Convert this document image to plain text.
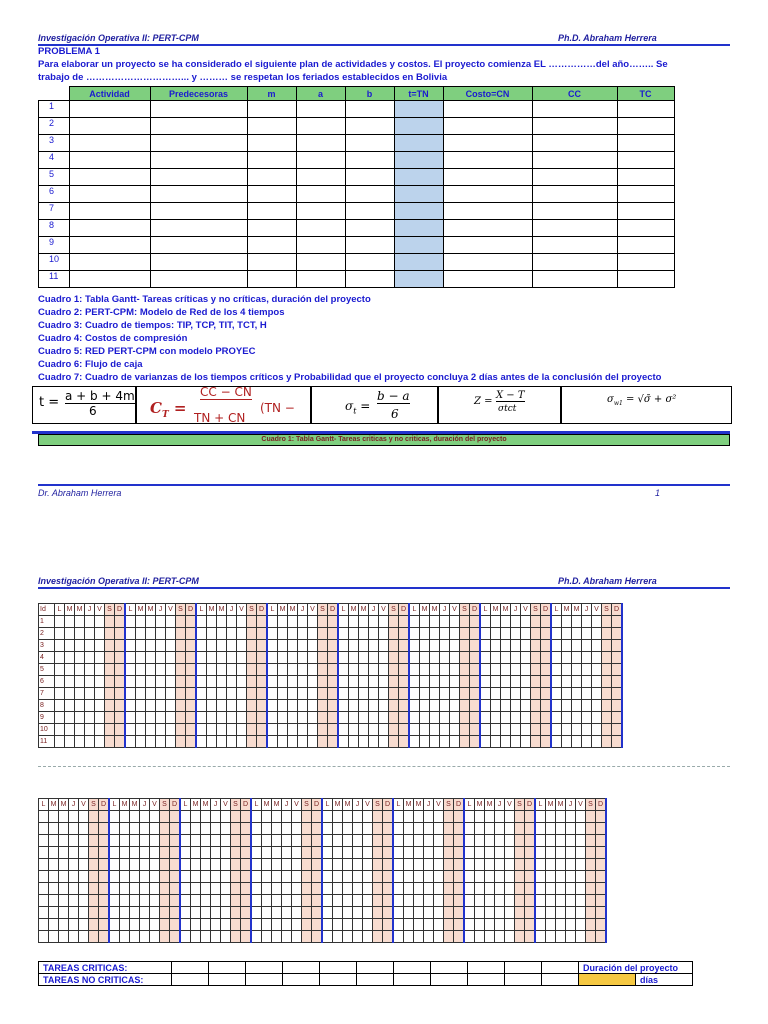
Investigación Operativa II: PERT-CPM	Ph.D. Abraham Herrera
PROBLEMA 1
Para elaborar un proyecto se ha considerado el siguiente plan de actividades y costos. El proyecto comienza EL ……………del año…….. Se
trabajo de …………………………... y ……… se respetan los feriados establecidos en Bolivia
	Actividad	Predecesoras	m	a	b	t=TN	Costo=CN	CC	TC
1									
2									
3									
4									
5									
6									
7									
8									
9									
10									
11									
Cuadro 1: Tabla Gantt- Tareas críticas y no críticas, duración del proyecto
Cuadro 2: PERT-CPM: Modelo de Red de los 4 tiempos
Cuadro 3: Cuadro de tiempos: TIP, TCP, TIT, TCT, H
Cuadro 4: Costos de compresión
Cuadro 5: RED PERT-CPM con modelo PROYEC
Cuadro 6: Flujo de caja
Cuadro 7: Cuadro de varianzas de los tiempos críticos y Probabilidad que el proyecto concluya 2 días antes de la conclusión del proyecto
t = a + b + 4m
6	$C_T$ =
CC − CN
TN + CN
(TN −	$\sigma_t$ =
b − a
6
Z =
X − T
σtct
$\sigma_{w1}$ = √σ̄ + σ²
Cuadro 1: Tabla Gantt- Tareas criticas y no criticas, duración del proyecto
Dr. Abraham Herrera	1
Investigación Operativa II: PERT-CPM	Ph.D. Abraham Herrera

Id	L	M	M	J	V	S	D	L	M	M	J	V	S	D	L	M	M	J	V	S	D	L	M	M	J	V	S	D	L	M	M	J	V	S	D	L	M	M	J	V	S	D	L	M	M	J	V	S	D	L	M	M	J	V	S	D
1																																																								
2																																																								
3																																																								
4																																																								
5																																																								
6																																																								
7																																																								
8																																																								
9																																																								
10																																																								
11																																																								

L	M	M	J	V	S	D	L	M	M	J	V	S	D	L	M	M	J	V	S	D	L	M	M	J	V	S	D	L	M	M	J	V	S	D	L	M	M	J	V	S	D	L	M	M	J	V	S	D	L	M	M	J	V	S	D

TAREAS CRITICAS:												Duración del proyecto	
TAREAS NO CRITICAS:													días
